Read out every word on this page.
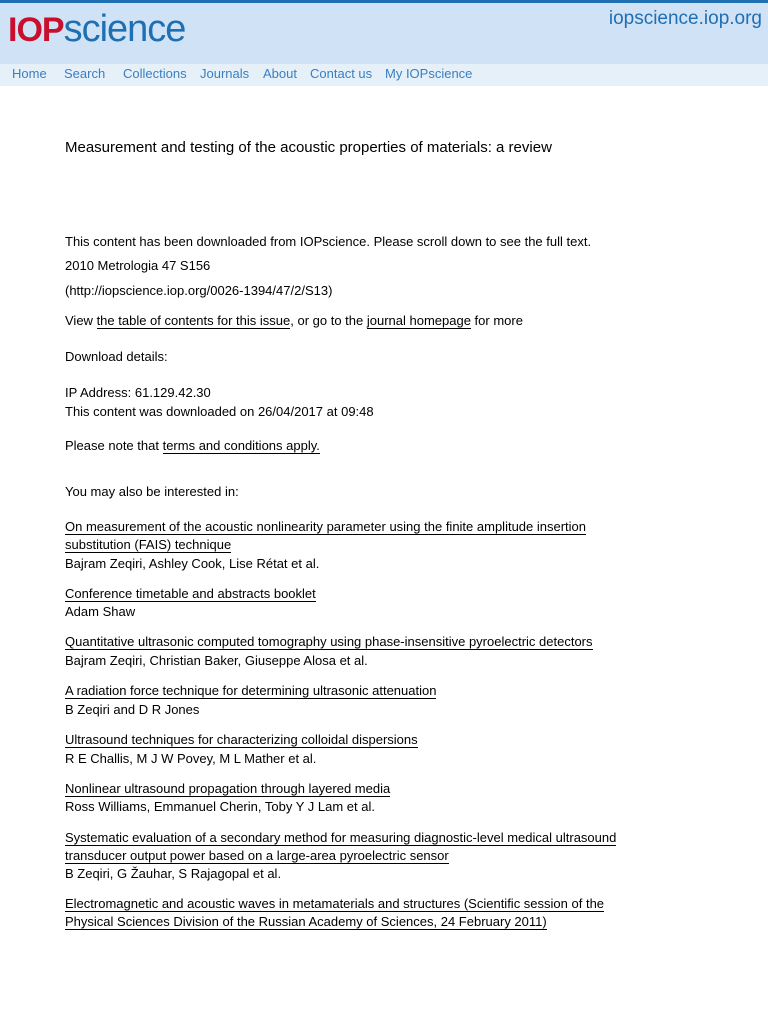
IOPscience	iopscience.iop.org
Home Search Collections Journals About Contact us My IOPscience
Measurement and testing of the acoustic properties of materials: a review
This content has been downloaded from IOPscience. Please scroll down to see the full text.
2010 Metrologia 47 S156
(http://iopscience.iop.org/0026-1394/47/2/S13)
View the table of contents for this issue, or go to the journal homepage for more
Download details:
IP Address: 61.129.42.30
This content was downloaded on 26/04/2017 at 09:48
Please note that terms and conditions apply.
You may also be interested in:
On measurement of the acoustic nonlinearity parameter using the finite amplitude insertion substitution (FAIS) technique
Bajram Zeqiri, Ashley Cook, Lise Rétat et al.
Conference timetable and abstracts booklet
Adam Shaw
Quantitative ultrasonic computed tomography using phase-insensitive pyroelectric detectors
Bajram Zeqiri, Christian Baker, Giuseppe Alosa et al.
A radiation force technique for determining ultrasonic attenuation
B Zeqiri and D R Jones
Ultrasound techniques for characterizing colloidal dispersions
R E Challis, M J W Povey, M L Mather et al.
Nonlinear ultrasound propagation through layered media
Ross Williams, Emmanuel Cherin, Toby Y J Lam et al.
Systematic evaluation of a secondary method for measuring diagnostic-level medical ultrasound transducer output power based on a large-area pyroelectric sensor
B Zeqiri, G Žauhar, S Rajagopal et al.
Electromagnetic and acoustic waves in metamaterials and structures (Scientific session of the Physical Sciences Division of the Russian Academy of Sciences, 24 February 2011)
